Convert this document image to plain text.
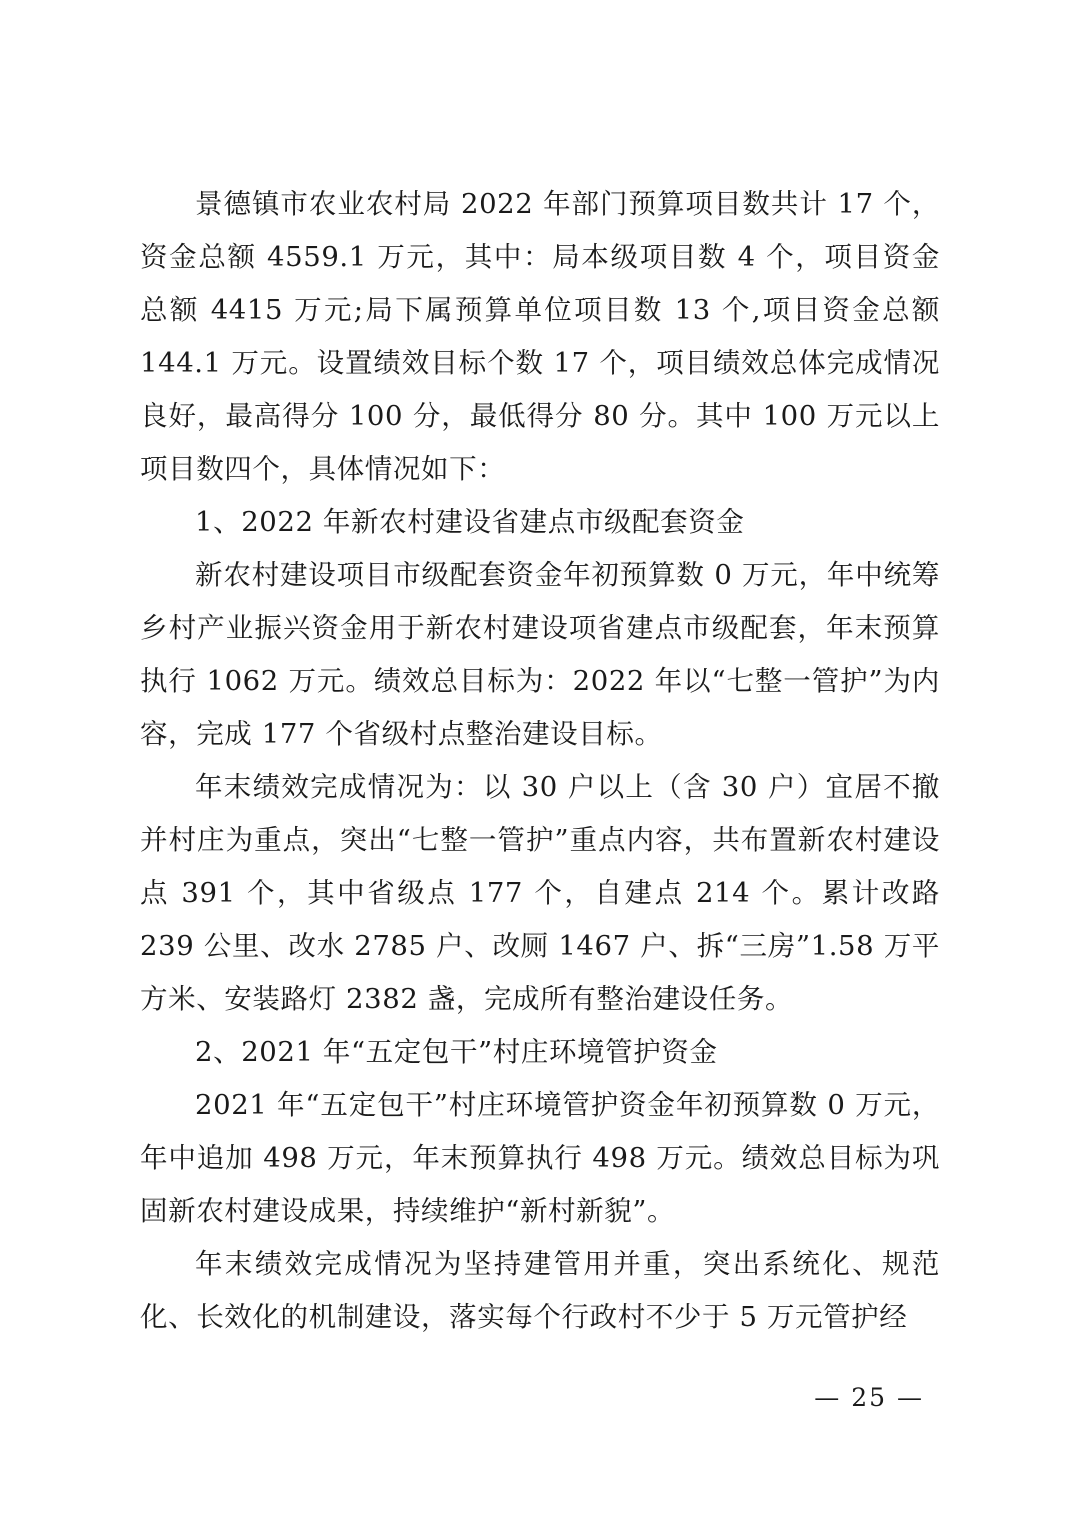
景德镇市农业农村局 2022 年部门预算项目数共计 17 个，资金总额 4559.1 万元，其中：局本级项目数 4 个，项目资金总额 4415 万元;局下属预算单位项目数 13 个,项目资金总额 144.1 万元。设置绩效目标个数 17 个，项目绩效总体完成情况良好，最高得分 100 分，最低得分 80 分。其中 100 万元以上项目数四个，具体情况如下：

1、2022 年新农村建设省建点市级配套资金

新农村建设项目市级配套资金年初预算数 0 万元，年中统筹乡村产业振兴资金用于新农村建设项省建点市级配套，年末预算执行 1062 万元。绩效总目标为：2022 年以“七整一管护”为内容，完成 177 个省级村点整治建设目标。

年末绩效完成情况为：以 30 户以上（含 30 户）宜居不撤并村庄为重点，突出“七整一管护”重点内容，共布置新农村建设点 391 个，其中省级点 177 个，自建点 214 个。累计改路 239 公里、改水 2785 户、改厕 1467 户、拆“三房”1.58 万平方米、安装路灯 2382 盏，完成所有整治建设任务。

2、2021 年“五定包干”村庄环境管护资金

2021 年“五定包干”村庄环境管护资金年初预算数 0 万元，年中追加 498 万元，年末预算执行 498 万元。绩效总目标为巩固新农村建设成果，持续维护“新村新貌”。

年末绩效完成情况为坚持建管用并重，突出系统化、规范化、长效化的机制建设，落实每个行政村不少于 5 万元管护经

— 25 —
